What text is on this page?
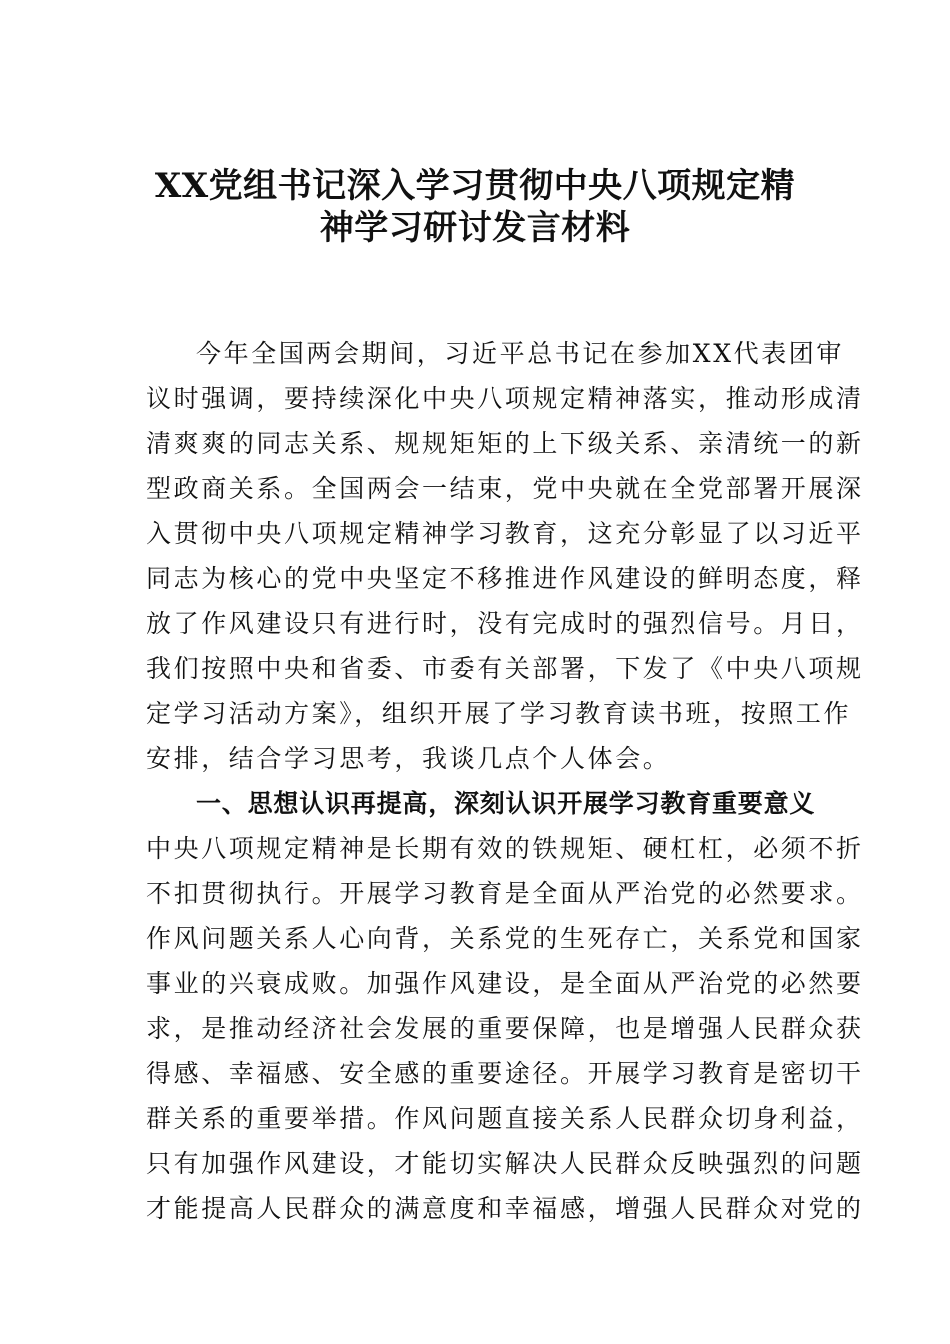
XX党组书记深入学习贯彻中央八项规定精
神学习研讨发言材料
今年全国两会期间，习近平总书记在参加XX代表团审
议时强调，要持续深化中央八项规定精神落实，推动形成清
清爽爽的同志关系、规规矩矩的上下级关系、亲清统一的新
型政商关系。全国两会一结束，党中央就在全党部署开展深
入贯彻中央八项规定精神学习教育，这充分彰显了以习近平
同志为核心的党中央坚定不移推进作风建设的鲜明态度，释
放了作风建设只有进行时，没有完成时的强烈信号。月日，
我们按照中央和省委、市委有关部署，下发了《中央八项规
定学习活动方案》，组织开展了学习教育读书班，按照工作
安排，结合学习思考，我谈几点个人体会。
一、思想认识再提高，深刻认识开展学习教育重要意义
中央八项规定精神是长期有效的铁规矩、硬杠杠，必须不折
不扣贯彻执行。开展学习教育是全面从严治党的必然要求。
作风问题关系人心向背，关系党的生死存亡，关系党和国家
事业的兴衰成败。加强作风建设，是全面从严治党的必然要
求，是推动经济社会发展的重要保障，也是增强人民群众获
得感、幸福感、安全感的重要途径。开展学习教育是密切干
群关系的重要举措。作风问题直接关系人民群众切身利益，
只有加强作风建设，才能切实解决人民群众反映强烈的问题
才能提高人民群众的满意度和幸福感，增强人民群众对党的
